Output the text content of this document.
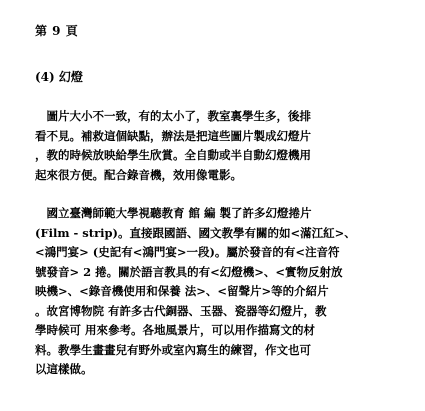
第 9 頁
(4) 幻燈
　圖片大小不一致，有的太小了，教室裏學生多，後排
看不見。補救這個缺點，辦法是把這些圖片製成幻燈片
，教的時候放映給學生欣賞。全自動或半自動幻燈機用
起來很方便。配合錄音機，效用像電影。
　國立臺灣師範大學視聽教育 館 編 製了許多幻燈捲片
(Film - strip)。直接跟國語、國文教學有關的如<滿江紅>、
<鴻門宴> (史記有<鴻門宴>一段)。屬於發音的有<注音符
號發音> 2 捲。關於語言教具的有<幻燈機>、<實物反射放
映機>、<錄音機使用和保養 法>、<留聲片>等的介紹片
。故宮博物院 有許多古代銅器、玉器、瓷器等幻燈片，教
學時候可 用來參考。各地風景片，可以用作描寫文的材
料。教學生畫畫兒有野外或室內寫生的練習，作文也可
以這樣做。
